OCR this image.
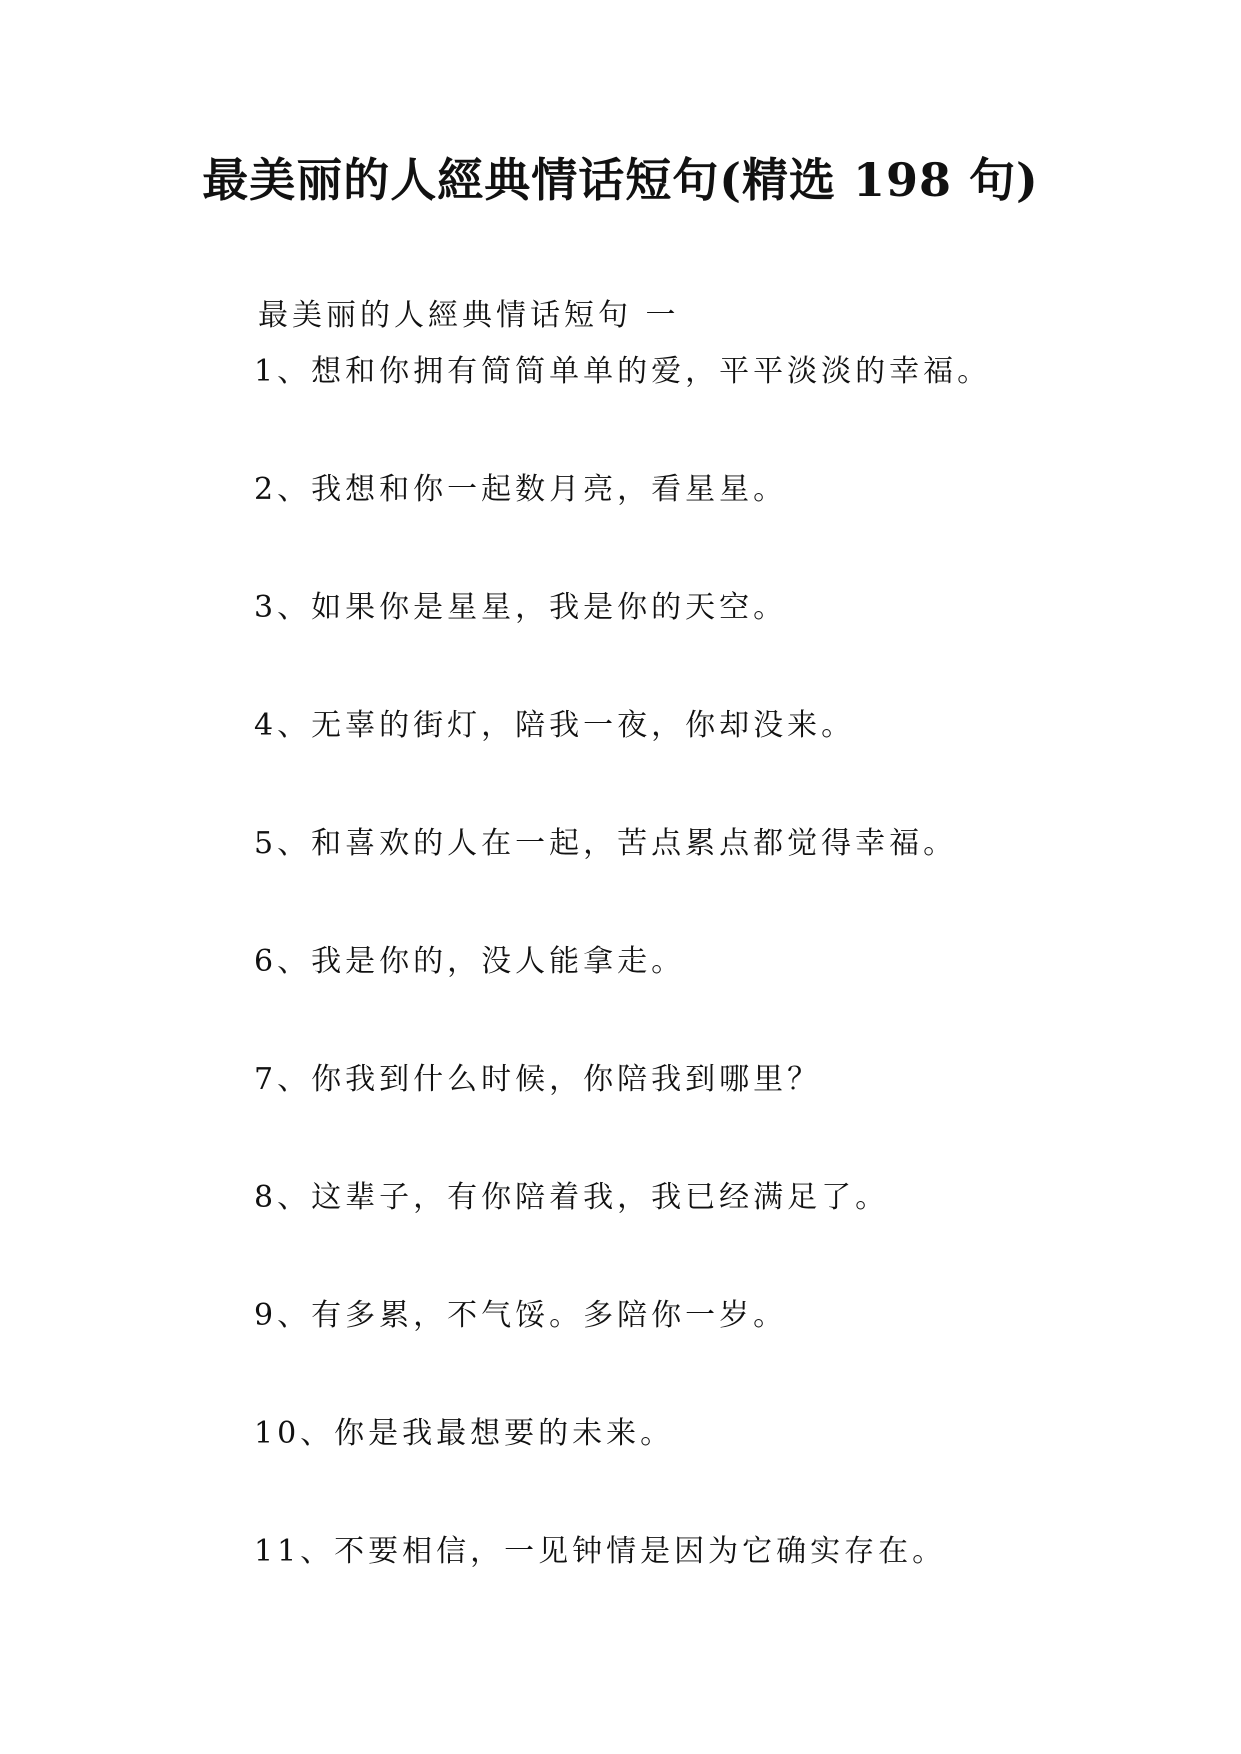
最美丽的人經典情话短句(精选 198 句)
最美丽的人經典情话短句 一
1、想和你拥有简简单单的爱，平平淡淡的幸福。
2、我想和你一起数月亮，看星星。
3、如果你是星星，我是你的天空。
4、无辜的街灯，陪我一夜，你却没来。
5、和喜欢的人在一起，苦点累点都觉得幸福。
6、我是你的，没人能拿走。
7、你我到什么时候，你陪我到哪里？
8、这辈子，有你陪着我，我已经满足了。
9、有多累，不气馁。多陪你一岁。
10、你是我最想要的未来。
11、不要相信，一见钟情是因为它确实存在。
